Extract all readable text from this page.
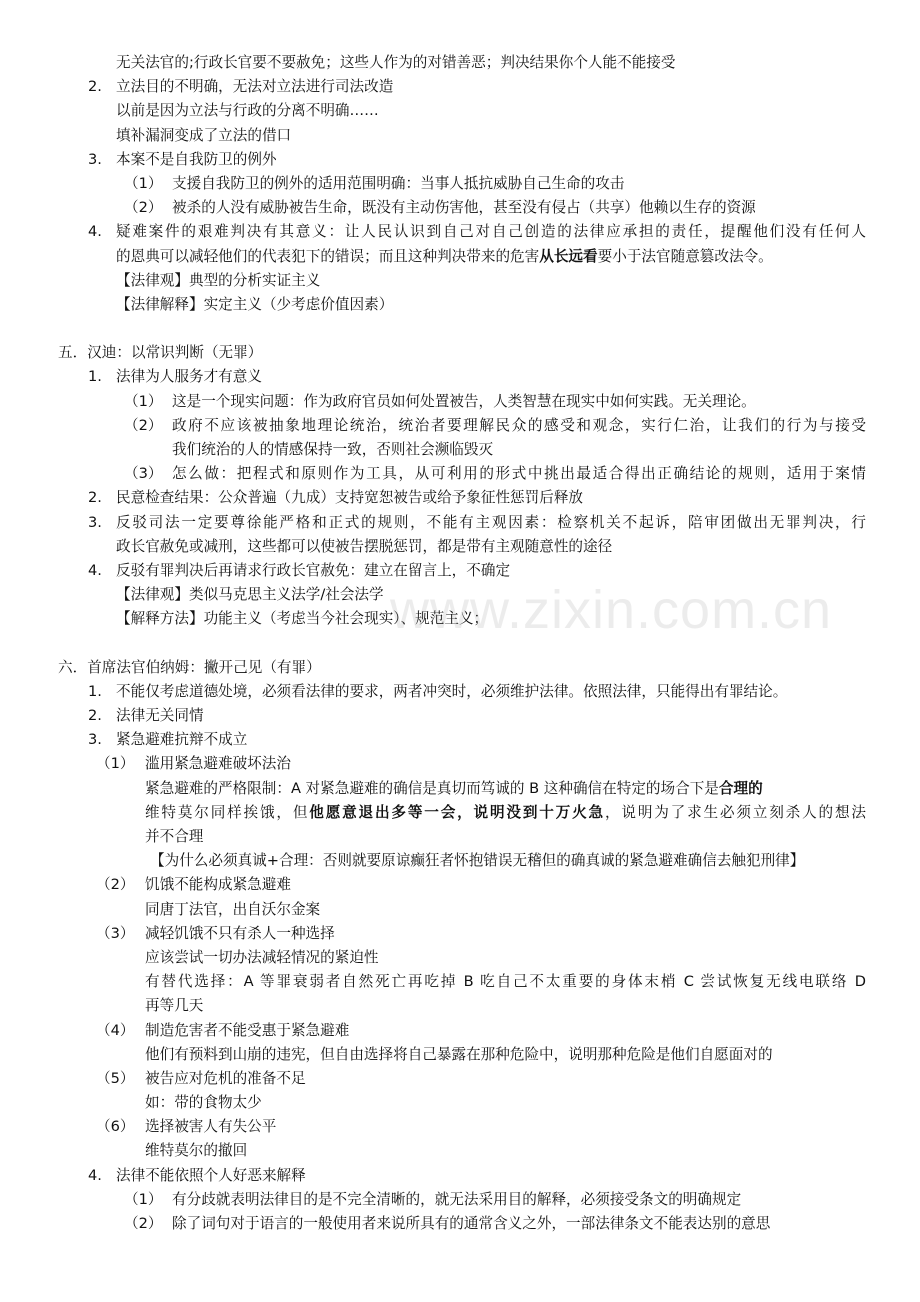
无关法官的;行政长官要不要赦免；这些人作为的对错善恶；判决结果你个人能不能接受
2. 立法目的不明确，无法对立法进行司法改造
以前是因为立法与行政的分离不明确……
填补漏洞变成了立法的借口
3. 本案不是自我防卫的例外
（1） 支援自我防卫的例外的适用范围明确：当事人抵抗威胁自己生命的攻击
（2） 被杀的人没有威胁被告生命，既没有主动伤害他，甚至没有侵占（共享）他赖以生存的资源
4. 疑难案件的艰难判决有其意义：让人民认识到自己对自己创造的法律应承担的责任，提醒他们没有任何人
的恩典可以减轻他们的代表犯下的错误；而且这种判决带来的危害从长远看要小于法官随意篡改法令。
【法律观】典型的分析实证主义
【法律解释】实定主义（少考虑价值因素）
五．汉迪：以常识判断（无罪）
1. 法律为人服务才有意义
（1） 这是一个现实问题：作为政府官员如何处置被告，人类智慧在现实中如何实践。无关理论。
（2） 政府不应该被抽象地理论统治，统治者要理解民众的感受和观念，实行仁治，让我们的行为与接受
我们统治的人的情感保持一致，否则社会濒临毁灭
（3） 怎么做：把程式和原则作为工具，从可利用的形式中挑出最适合得出正确结论的规则，适用于案情
2. 民意检查结果：公众普遍（九成）支持宽恕被告或给予象征性惩罚后释放
3. 反驳司法一定要尊徐能严格和正式的规则，不能有主观因素：检察机关不起诉，陪审团做出无罪判决，行
政长官赦免或减刑，这些都可以使被告摆脱惩罚，都是带有主观随意性的途径
4. 反驳有罪判决后再请求行政长官赦免：建立在留言上，不确定
【法律观】类似马克思主义法学/社会法学
【解释方法】功能主义（考虑当今社会现实）、规范主义；
六．首席法官伯纳姆：撇开己见（有罪）
1. 不能仅考虑道德处境，必须看法律的要求，两者冲突时，必须维护法律。依照法律，只能得出有罪结论。
2. 法律无关同情
3. 紧急避难抗辩不成立
（1） 滥用紧急避难破坏法治
紧急避难的严格限制：A 对紧急避难的确信是真切而笃诚的 B 这种确信在特定的场合下是合理的
维特莫尔同样挨饿，但他愿意退出多等一会，说明没到十万火急，说明为了求生必须立刻杀人的想法
并不合理
【为什么必须真诚+合理：否则就要原谅癫狂者怀抱错误无稽但的确真诚的紧急避难确信去触犯刑律】
（2） 饥饿不能构成紧急避难
同唐丁法官，出自沃尔金案
（3） 减轻饥饿不只有杀人一种选择
应该尝试一切办法减轻情况的紧迫性
有替代选择：A 等罪衰弱者自然死亡再吃掉 B 吃自己不太重要的身体末梢 C 尝试恢复无线电联络 D
再等几天
（4） 制造危害者不能受惠于紧急避难
他们有预料到山崩的违宪，但自由选择将自己暴露在那种危险中，说明那种危险是他们自愿面对的
（5） 被告应对危机的准备不足
如：带的食物太少
（6） 选择被害人有失公平
维特莫尔的撤回
4. 法律不能依照个人好恶来解释
（1） 有分歧就表明法律目的是不完全清晰的，就无法采用目的解释，必须接受条文的明确规定
（2） 除了词句对于语言的一般使用者来说所具有的通常含义之外，一部法律条文不能表达别的意思
www.zixin.com.cn
